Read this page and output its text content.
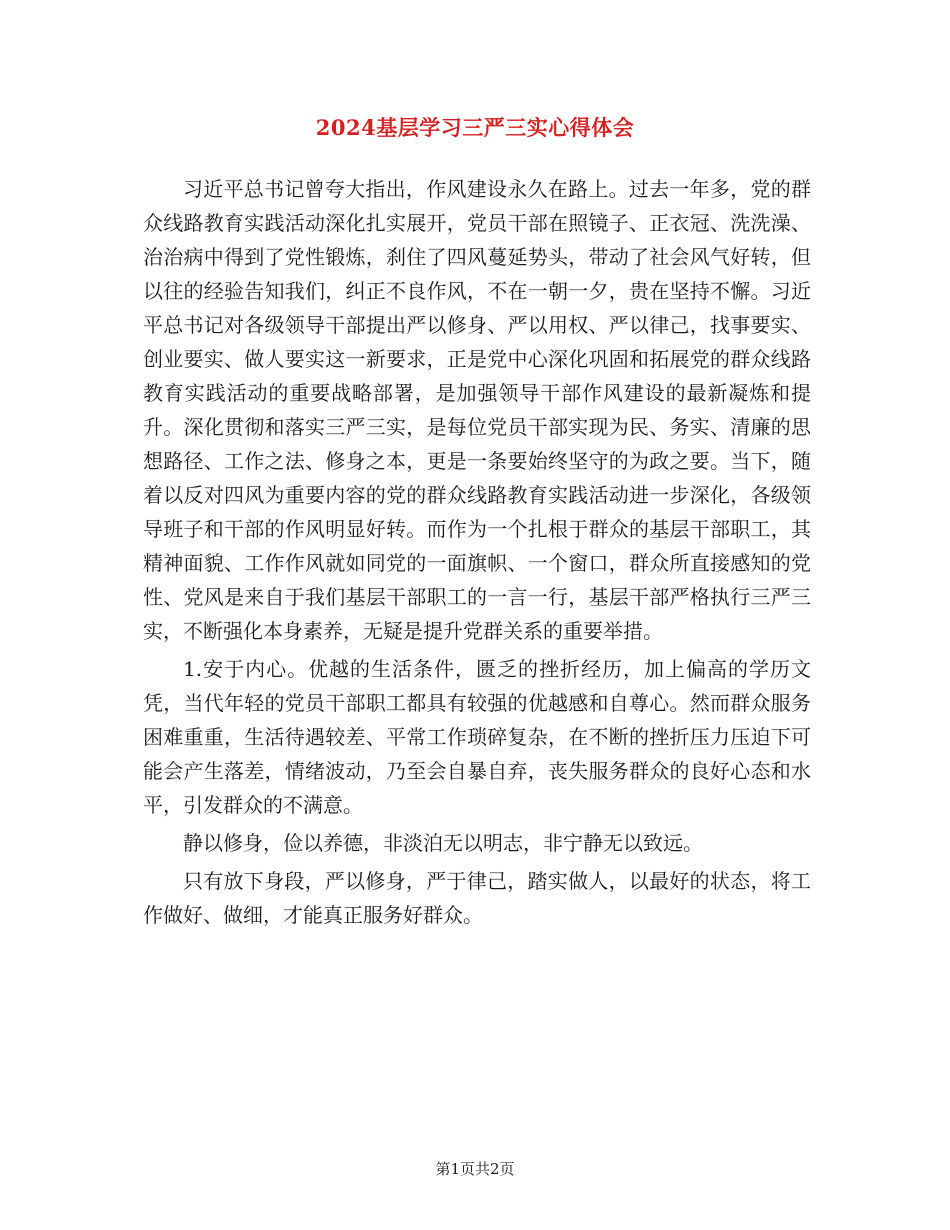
2024基层学习三严三实心得体会

习近平总书记曾夸大指出，作风建设永久在路上。过去一年多，党的群众线路教育实践活动深化扎实展开，党员干部在照镜子、正衣冠、洗洗澡、治治病中得到了党性锻炼，刹住了四风蔓延势头，带动了社会风气好转，但以往的经验告知我们，纠正不良作风，不在一朝一夕，贵在坚持不懈。习近平总书记对各级领导干部提出严以修身、严以用权、严以律己，找事要实、创业要实、做人要实这一新要求，正是党中心深化巩固和拓展党的群众线路教育实践活动的重要战略部署，是加强领导干部作风建设的最新凝炼和提升。深化贯彻和落实三严三实，是每位党员干部实现为民、务实、清廉的思想路径、工作之法、修身之本，更是一条要始终坚守的为政之要。当下，随着以反对四风为重要内容的党的群众线路教育实践活动进一步深化，各级领导班子和干部的作风明显好转。而作为一个扎根于群众的基层干部职工，其精神面貌、工作作风就如同党的一面旗帜、一个窗口，群众所直接感知的党性、党风是来自于我们基层干部职工的一言一行，基层干部严格执行三严三实，不断强化本身素养，无疑是提升党群关系的重要举措。

1.安于内心。优越的生活条件，匮乏的挫折经历，加上偏高的学历文凭，当代年轻的党员干部职工都具有较强的优越感和自尊心。然而群众服务困难重重，生活待遇较差、平常工作琐碎复杂，在不断的挫折压力压迫下可能会产生落差，情绪波动，乃至会自暴自弃，丧失服务群众的良好心态和水平，引发群众的不满意。

静以修身，俭以养德，非淡泊无以明志，非宁静无以致远。

只有放下身段，严以修身，严于律己，踏实做人，以最好的状态，将工作做好、做细，才能真正服务好群众。

第1页共2页
